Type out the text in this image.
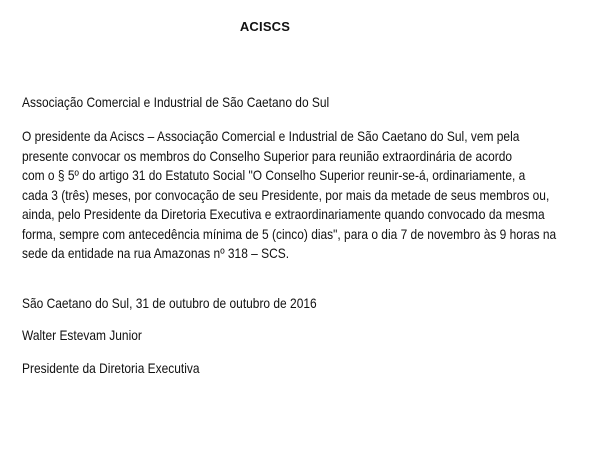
ACISCS
Associação Comercial e Industrial de São Caetano do Sul
O presidente da Aciscs – Associação Comercial e Industrial de São Caetano do Sul, vem pela
presente convocar os membros do Conselho Superior para reunião extraordinária de acordo
com o § 5º do artigo 31 do Estatuto Social "O Conselho Superior reunir-se-á, ordinariamente, a
cada 3 (três) meses, por convocação de seu Presidente, por mais da metade de seus membros ou,
ainda, pelo Presidente da Diretoria Executiva e extraordinariamente quando convocado da mesma
forma, sempre com antecedência mínima de 5 (cinco) dias", para o dia 7 de novembro às 9 horas na
sede da entidade na rua Amazonas nº 318 – SCS.
São Caetano do Sul, 31 de outubro de outubro de 2016
Walter Estevam Junior
Presidente da Diretoria Executiva
